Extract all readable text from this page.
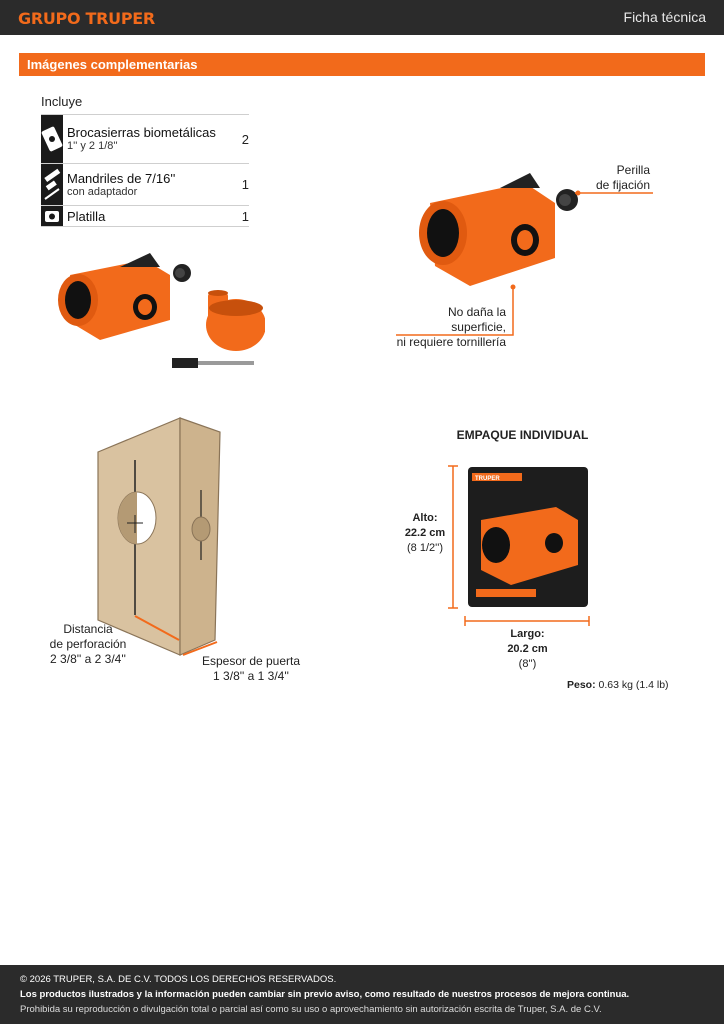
GRUPO TRUPER	Ficha técnica
Imágenes complementarias
Incluye

Brocasierras biometálicas
1'' y 2 1/8''	2

Mandriles de 7/16''
con adaptador	1

Platilla	1
Perilla
de fijación
No daña la superficie,
ni requiere tornillería
Distancia
de perforación
2 3/8'' a 2 3/4''	Espesor de puerta
1 3/8'' a 1 3/4''
EMPAQUE INDIVIDUAL
TRUPER
Alto:
22.2 cm
(8 1/2'')
Largo:
20.2 cm
(8'')
Peso: 0.63 kg (1.4 lb)
© 2026 TRUPER, S.A. DE C.V. TODOS LOS DERECHOS RESERVADOS.
Los productos ilustrados y la información pueden cambiar sin previo aviso, como resultado de nuestros procesos de mejora continua.
Prohibida su reproducción o divulgación total o parcial así como su uso o aprovechamiento sin autorización escrita de Truper, S.A. de C.V.
